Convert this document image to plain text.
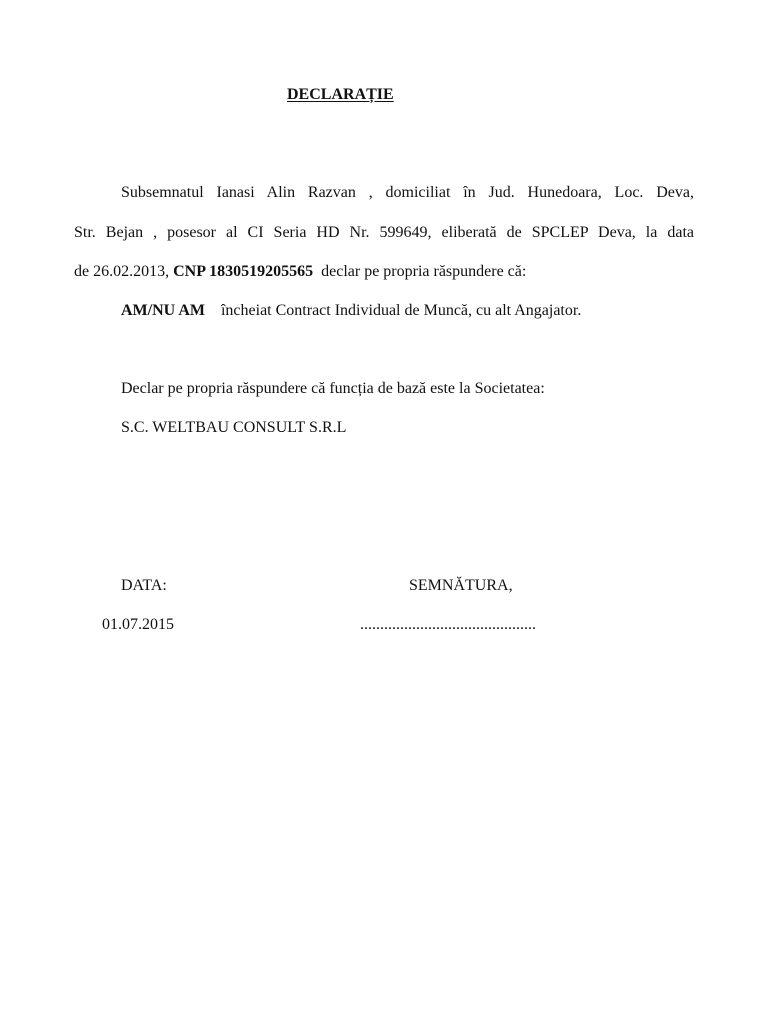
DECLARAȚIE
Subsemnatul Ianasi Alin Razvan , domiciliat în Jud. Hunedoara, Loc. Deva,
Str. Bejan , posesor al CI Seria HD Nr. 599649, eliberată de SPCLEP Deva, la data
de 26.02.2013, CNP 1830519205565 declar pe propria răspundere că:
AM/NU AM încheiat Contract Individual de Muncă, cu alt Angajator.
Declar pe propria răspundere că funcția de bază este la Societatea:
S.C. WELTBAU CONSULT S.R.L
DATA:	SEMNĂTURA,
01.07.2015	............................................
